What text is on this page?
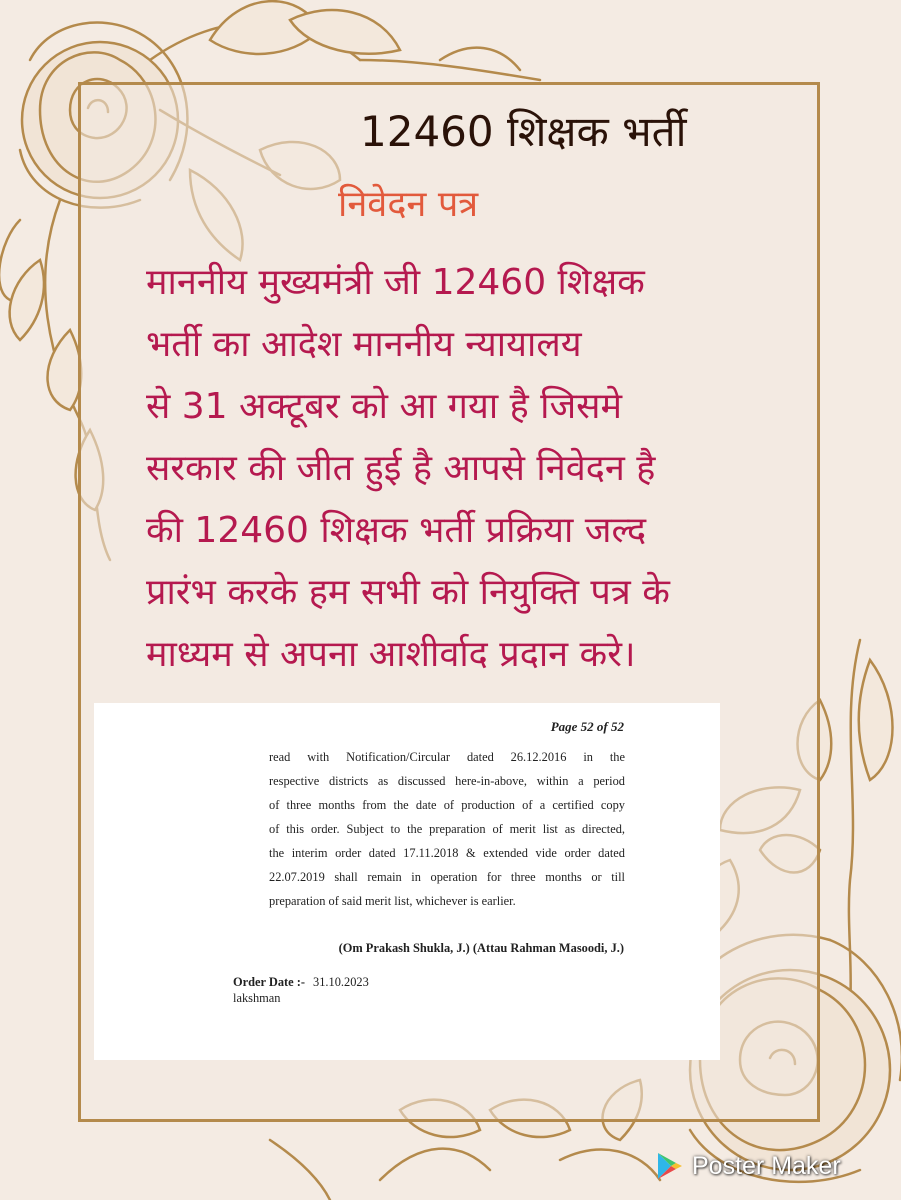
12460 शिक्षक भर्ती
निवेदन पत्र
माननीय मुख्यमंत्री जी 12460 शिक्षक
भर्ती का आदेश माननीय न्यायालय
से 31 अक्टूबर को आ गया है जिसमे
सरकार की जीत हुई है आपसे निवेदन है
की 12460 शिक्षक भर्ती प्रक्रिया जल्द
प्रारंभ करके हम सभी को नियुक्ति पत्र के
माध्यम से अपना आशीर्वाद प्रदान करे।
Page 52 of 52
read with Notification/Circular dated 26.12.2016 in the
respective districts as discussed here-in-above, within a period
of three months from the date of production of a certified copy
of this order. Subject to the preparation of merit list as directed,
the interim order dated 17.11.2018 & extended vide order dated
22.07.2019 shall remain in operation for three months or till
preparation of said merit list, whichever is earlier.
(Om Prakash Shukla, J.) (Attau Rahman Masoodi, J.)
Order Date :- 31.10.2023
lakshman
Poster Maker
